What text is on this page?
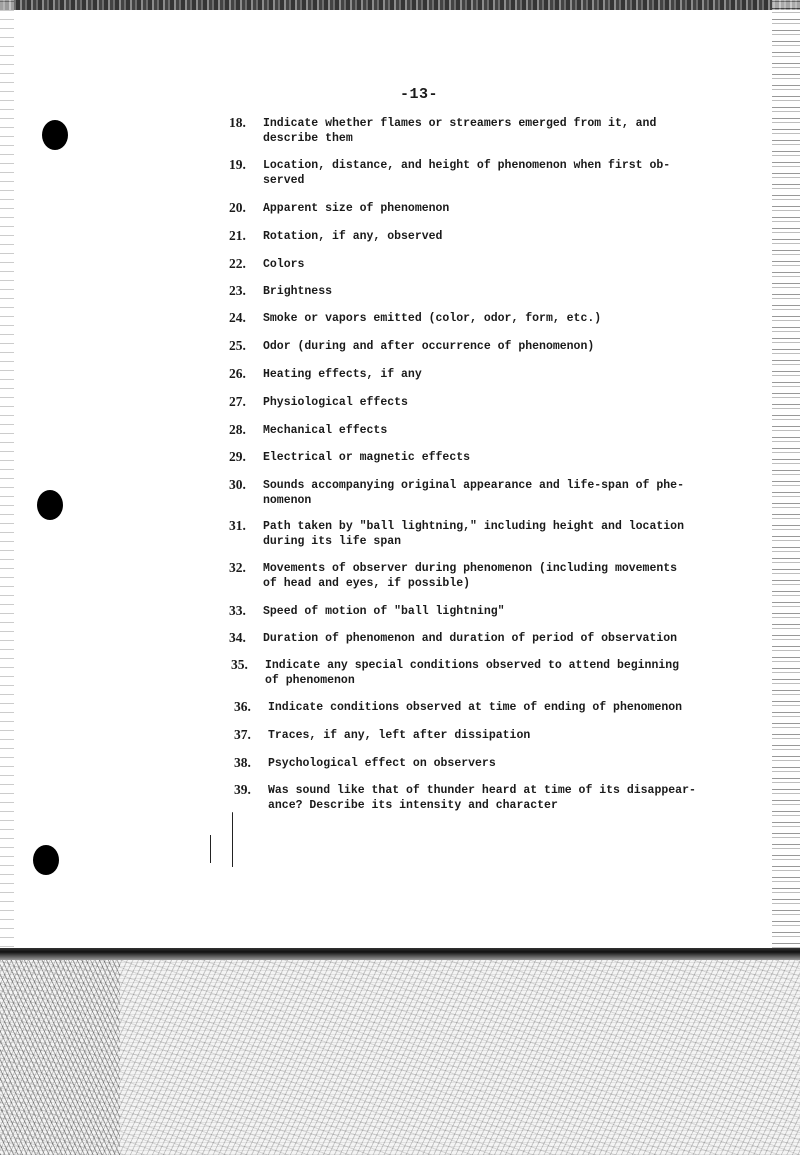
-13-
18.	Indicate whether flames or streamers emerged from it, and
describe them
19.	Location, distance, and height of phenomenon when first ob-
served
20.	Apparent size of phenomenon
21.	Rotation, if any, observed
22.	Colors
23.	Brightness
24.	Smoke or vapors emitted (color, odor, form, etc.)
25.	Odor (during and after occurrence of phenomenon)
26.	Heating effects, if any
27.	Physiological effects
28.	Mechanical effects
29.	Electrical or magnetic effects
30.	Sounds accompanying original appearance and life-span of phe-
nomenon
31.	Path taken by "ball lightning," including height and location
during its life span
32.	Movements of observer during phenomenon (including movements
of head and eyes, if possible)
33.	Speed of motion of "ball lightning"
34.	Duration of phenomenon and duration of period of observation
35.	Indicate any special conditions observed to attend beginning
of phenomenon
36.	Indicate conditions observed at time of ending of phenomenon
37.	Traces, if any, left after dissipation
38.	Psychological effect on observers
39.	Was sound like that of thunder heard at time of its disappear-
ance? Describe its intensity and character
